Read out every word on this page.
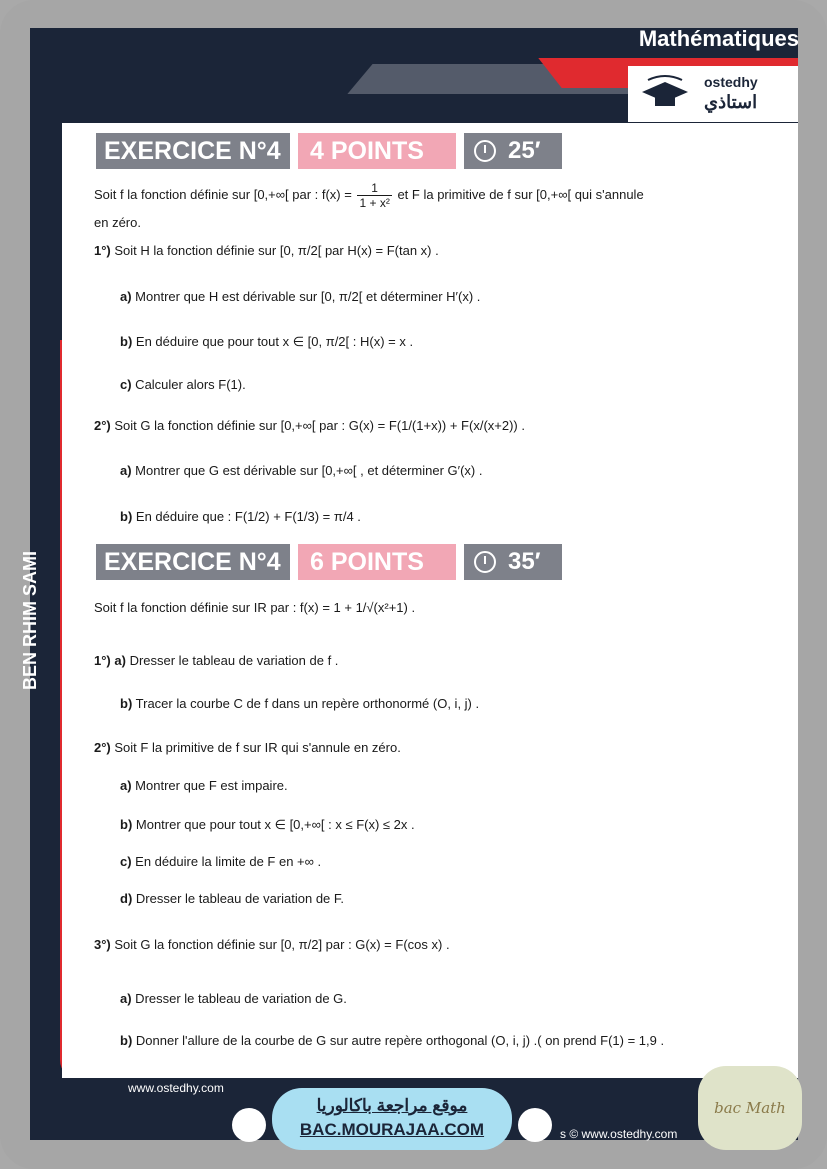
Mathématiques
ostedhy
استاذي
BEN RHIM SAMI
EXERCICE N°4	4 POINTS	25′
Soit f la fonction définie sur [0,+∞[ par : $f(x) = \frac{1}{\text{1 + x²}}$ et F la primitive de f sur [0,+∞[ qui s'annule
en zéro.
1°) Soit H la fonction définie sur [0, π/2[ par H(x) = F(tan x) .
a) Montrer que H est dérivable sur [0, π/2[ et déterminer H′(x) .
b) En déduire que pour tout x ∈ [0, π/2[ : H(x) = x .
c) Calculer alors F(1).
2°) Soit G la fonction définie sur [0,+∞[ par : G(x) = F(1/(1+x)) + F(x/(x+2)) .
a) Montrer que G est dérivable sur [0,+∞[ , et déterminer G′(x) .
b) En déduire que : F(1/2) + F(1/3) = π/4 .
EXERCICE N°4	6 POINTS	35′
Soit f la fonction définie sur IR par : f(x) = 1 + 1/√(x²+1) .
1°) a) Dresser le tableau de variation de f .
b) Tracer la courbe C de f dans un repère orthonormé (O, i, j) .
2°) Soit F la primitive de f sur IR qui s'annule en zéro.
a) Montrer que F est impaire.
b) Montrer que pour tout x ∈ [0,+∞[ : x ≤ F(x) ≤ 2x .
c) En déduire la limite de F en +∞ .
d) Dresser le tableau de variation de F.
3°) Soit G la fonction définie sur [0, π/2] par : G(x) = F(cos x) .
a) Dresser le tableau de variation de G.
b) Donner l'allure de la courbe de G sur autre repère orthogonal (O, i, j) .( on prend F(1) = 1,9 .
www.ostedhy.com
s © www.ostedhy.com
موقع مراجعة باكالوريا
BAC.MOURAJAA.COM
bac Math
